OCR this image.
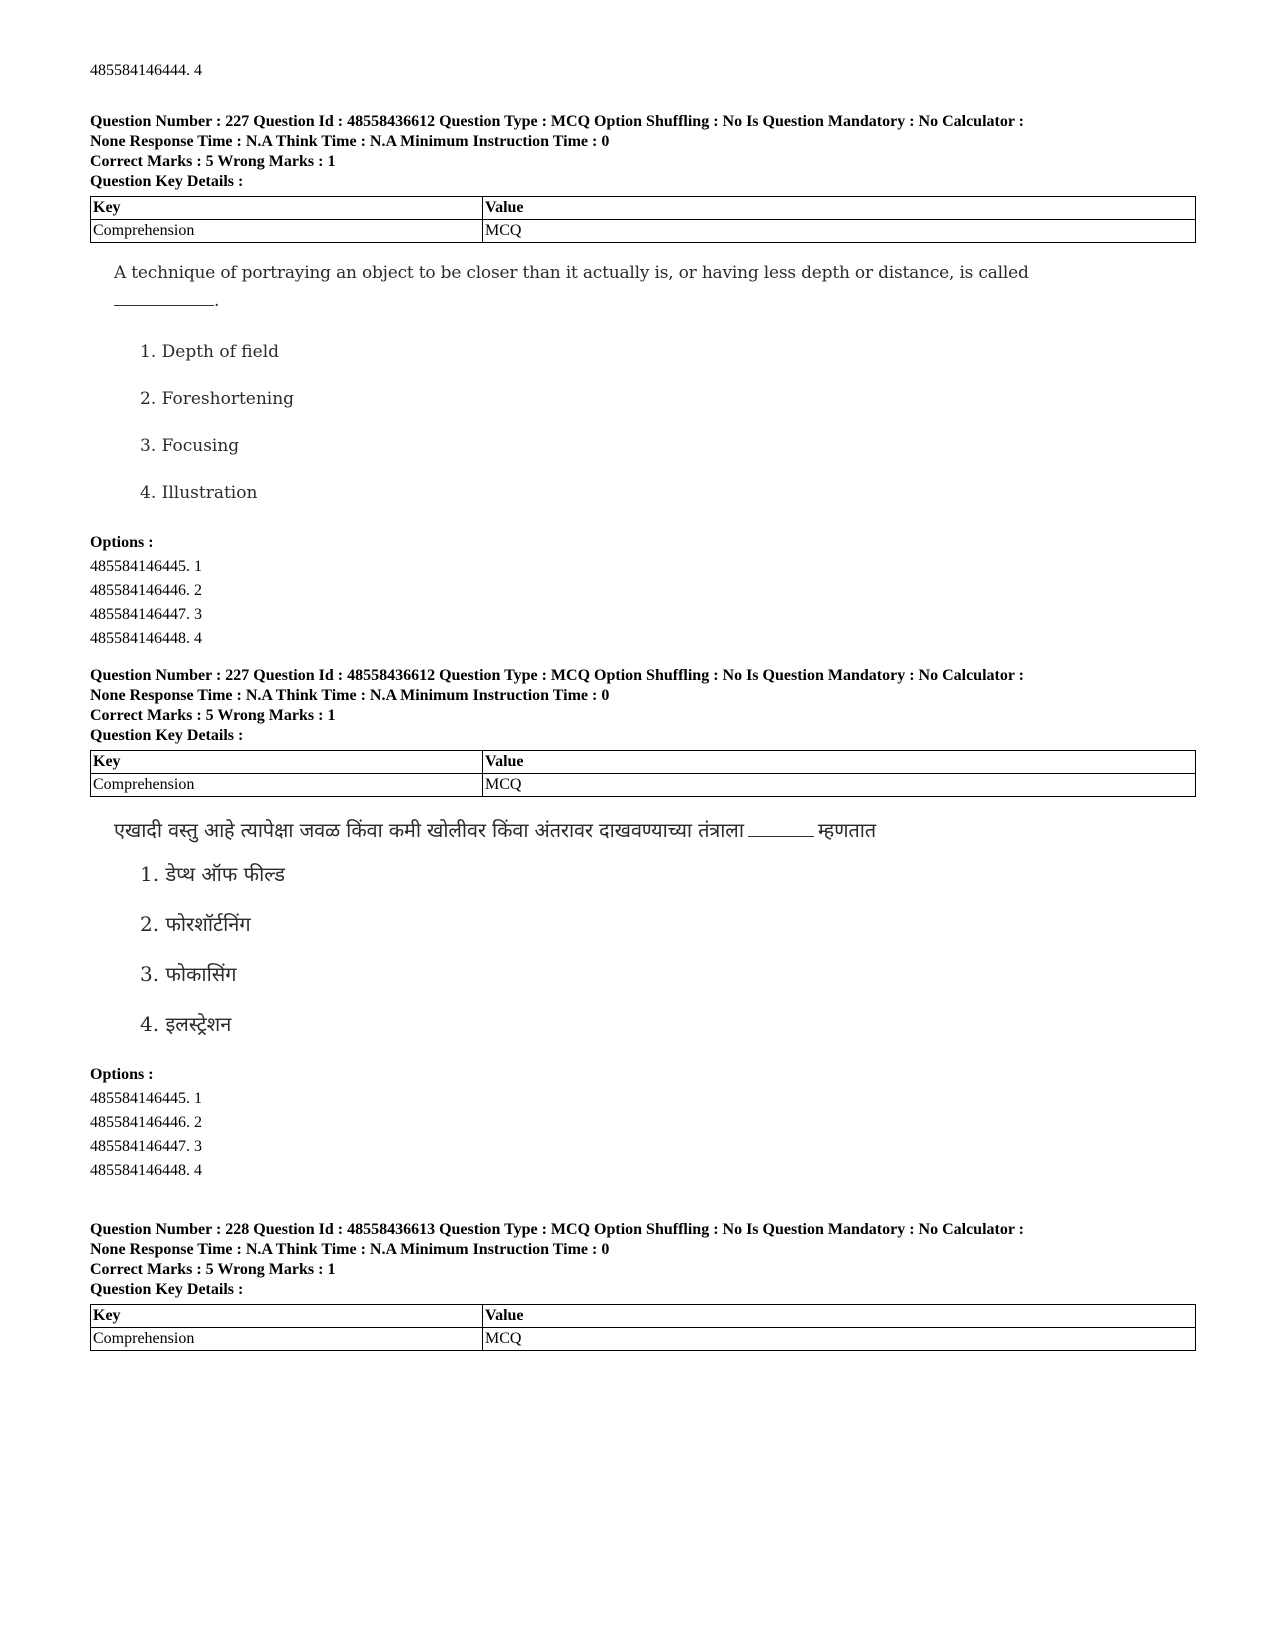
485584146444. 4

Question Number : 227 Question Id : 48558436612 Question Type : MCQ Option Shuffling : No Is Question Mandatory : No Calculator :

None Response Time : N.A Think Time : N.A Minimum Instruction Time : 0

Correct Marks : 5 Wrong Marks : 1

Question Key Details :

Key	Value
Comprehension	MCQ
A technique of portraying an object to be closer than it actually is, or having less depth or distance, is called
.
1. Depth of field
2. Foreshortening
3. Focusing
4. Illustration
Options :
485584146445. 1
485584146446. 2
485584146447. 3
485584146448. 4

Question Number : 227 Question Id : 48558436612 Question Type : MCQ Option Shuffling : No Is Question Mandatory : No Calculator :

None Response Time : N.A Think Time : N.A Minimum Instruction Time : 0

Correct Marks : 5 Wrong Marks : 1

Question Key Details :

Key	Value
Comprehension	MCQ
एखादी वस्तु आहे त्यापेक्षा जवळ किंवा कमी खोलीवर किंवा अंतरावर दाखवण्याच्या तंत्राला	म्हणतात
1. डेप्थ ऑफ फील्ड
2. फोरशॉर्टनिंग
3. फोकासिंग
4. इलस्ट्रेशन
Options :
485584146445. 1
485584146446. 2
485584146447. 3
485584146448. 4

Question Number : 228 Question Id : 48558436613 Question Type : MCQ Option Shuffling : No Is Question Mandatory : No Calculator :

None Response Time : N.A Think Time : N.A Minimum Instruction Time : 0

Correct Marks : 5 Wrong Marks : 1

Question Key Details :

Key	Value
Comprehension	MCQ
